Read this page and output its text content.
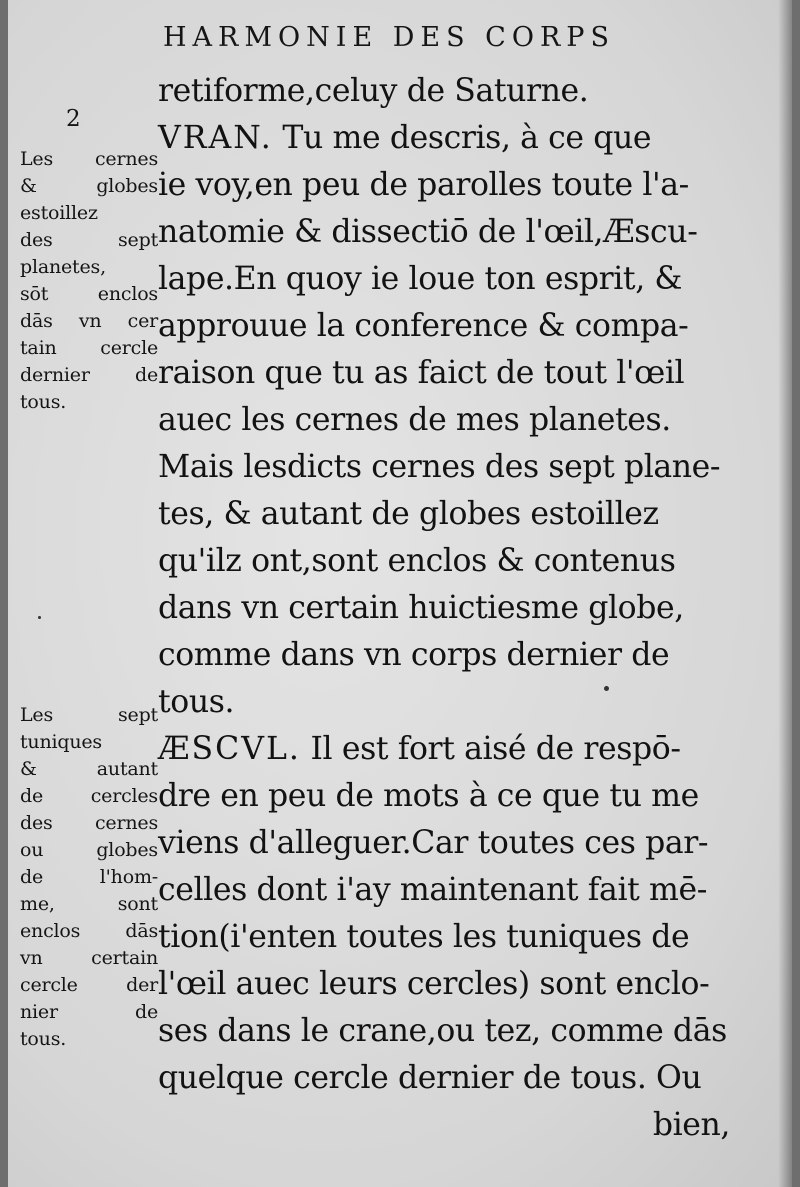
HARMONIE DES CORPS
2
Les cernes
& globes
estoillez
des sept
planetes,
sōt enclos
dās vn cer
tain cercle
dernier de
tous.
Les sept
tuniques
& autant
de cercles
des cernes
ou globes
de l'hom-
me, sont
enclos dās
vn certain
cercle der
nier de
tous.
retiforme,celuy de Saturne.
VRAN. Tu me descris, à ce que
ie voy,en peu de parolles toute l'a-
natomie & dissectiō de l'œil,Æscu-
lape.En quoy ie loue ton esprit, &
approuue la conference & compa-
raison que tu as faict de tout l'œil
auec les cernes de mes planetes.
Mais lesdicts cernes des sept plane-
tes, & autant de globes estoillez
qu'ilz ont,sont enclos & contenus
dans vn certain huictiesme globe,
comme dans vn corps dernier de
tous.
ÆSCVL. Il est fort aisé de respō-
dre en peu de mots à ce que tu me
viens d'alleguer.Car toutes ces par-
celles dont i'ay maintenant fait mē-
tion(i'enten toutes les tuniques de
l'œil auec leurs cercles) sont enclo-
ses dans le crane,ou tez, comme dās
quelque cercle dernier de tous. Ou
bien,
